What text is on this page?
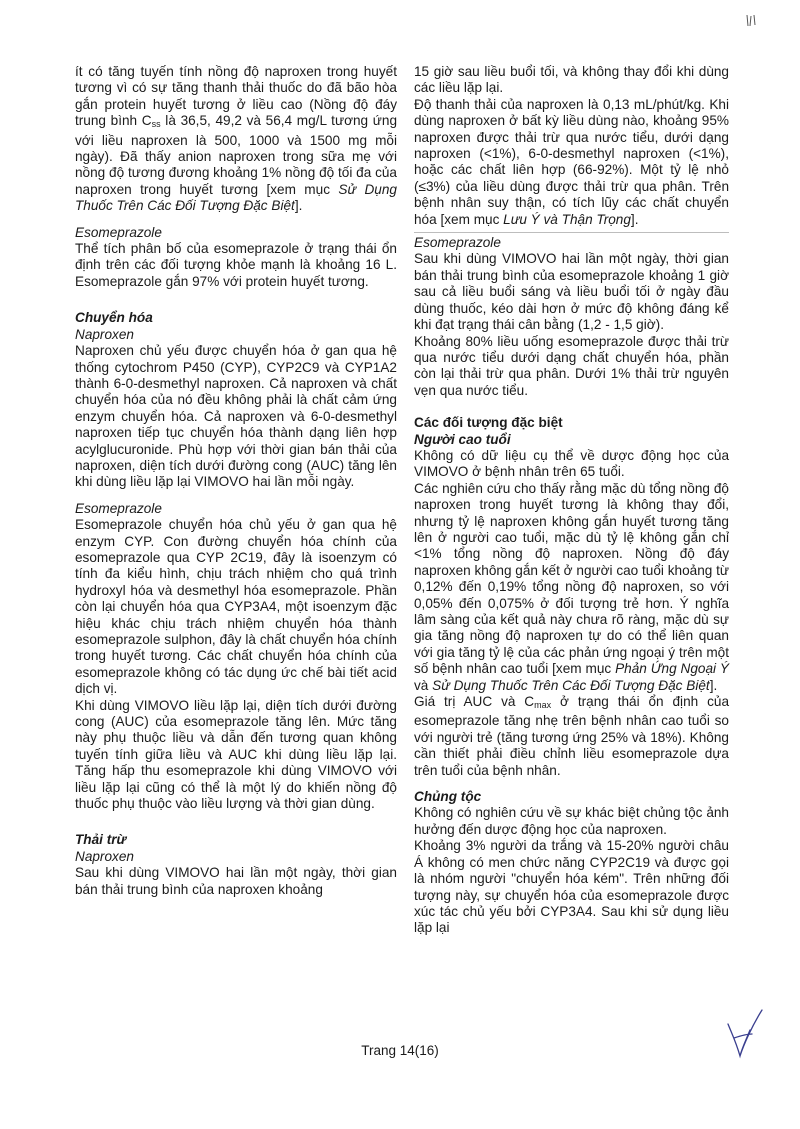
ít có tăng tuyến tính nồng độ naproxen trong huyết tương vì có sự tăng thanh thải thuốc do đã bão hòa gắn protein huyết tương ở liều cao (Nồng độ đáy trung bình $C_{ss}$ là 36,5, 49,2 và 56,4 mg/L tương ứng với liều naproxen là 500, 1000 và 1500 mg mỗi ngày). Đã thấy anion naproxen trong sữa mẹ với nồng độ tương đương khoảng 1% nồng độ tối đa của naproxen trong huyết tương [xem mục Sử Dụng Thuốc Trên Các Đối Tượng Đặc Biệt].

Esomeprazole

Thể tích phân bố của esomeprazole ở trạng thái ổn định trên các đối tượng khỏe mạnh là khoảng 16 L. Esomeprazole gắn 97% với protein huyết tương.

Chuyển hóa

Naproxen

Naproxen chủ yếu được chuyển hóa ở gan qua hệ thống cytochrom P450 (CYP), CYP2C9 và CYP1A2 thành 6-0-desmethyl naproxen. Cả naproxen và chất chuyển hóa của nó đều không phải là chất cảm ứng enzym chuyển hóa. Cả naproxen và 6-0-desmethyl naproxen tiếp tục chuyển hóa thành dạng liên hợp acylglucuronide. Phù hợp với thời gian bán thải của naproxen, diện tích dưới đường cong (AUC) tăng lên khi dùng liều lặp lại VIMOVO hai lần mỗi ngày.

Esomeprazole

Esomeprazole chuyển hóa chủ yếu ở gan qua hệ enzym CYP. Con đường chuyển hóa chính của esomeprazole qua CYP 2C19, đây là isoenzym có tính đa kiểu hình, chịu trách nhiệm cho quá trình hydroxyl hóa và desmethyl hóa esomeprazole. Phần còn lại chuyển hóa qua CYP3A4, một isoenzym đặc hiệu khác chịu trách nhiệm chuyển hóa thành esomeprazole sulphon, đây là chất chuyển hóa chính trong huyết tương. Các chất chuyển hóa chính của esomeprazole không có tác dụng ức chế bài tiết acid dịch vị.

Khi dùng VIMOVO liều lặp lại, diện tích dưới đường cong (AUC) của esomeprazole tăng lên. Mức tăng này phụ thuộc liều và dẫn đến tương quan không tuyến tính giữa liều và AUC khi dùng liều lặp lại. Tăng hấp thu esomeprazole khi dùng VIMOVO với liều lặp lại cũng có thể là một lý do khiến nồng độ thuốc phụ thuộc vào liều lượng và thời gian dùng.

Thải trừ

Naproxen

Sau khi dùng VIMOVO hai lần một ngày, thời gian bán thải trung bình của naproxen khoảng

15 giờ sau liều buổi tối, và không thay đổi khi dùng các liều lặp lại.

Độ thanh thải của naproxen là 0,13 mL/phút/kg. Khi dùng naproxen ở bất kỳ liều dùng nào, khoảng 95% naproxen được thải trừ qua nước tiểu, dưới dạng naproxen (<1%), 6-0-desmethyl naproxen (<1%), hoặc các chất liên hợp (66-92%). Một tỷ lệ nhỏ (≤3%) của liều dùng được thải trừ qua phân. Trên bệnh nhân suy thận, có tích lũy các chất chuyển hóa [xem mục Lưu Ý và Thận Trọng].

Esomeprazole

Sau khi dùng VIMOVO hai lần một ngày, thời gian bán thải trung bình của esomeprazole khoảng 1 giờ sau cả liều buổi sáng và liều buổi tối ở ngày đầu dùng thuốc, kéo dài hơn ở mức độ không đáng kể khi đạt trạng thái cân bằng (1,2 - 1,5 giờ).

Khoảng 80% liều uống esomeprazole được thải trừ qua nước tiểu dưới dạng chất chuyển hóa, phần còn lại thải trừ qua phân. Dưới 1% thải trừ nguyên vẹn qua nước tiểu.

Các đối tượng đặc biệt

Người cao tuổi

Không có dữ liệu cụ thể về dược động học của VIMOVO ở bệnh nhân trên 65 tuổi.

Các nghiên cứu cho thấy rằng mặc dù tổng nồng độ naproxen trong huyết tương là không thay đổi, nhưng tỷ lệ naproxen không gắn huyết tương tăng lên ở người cao tuổi, mặc dù tỷ lệ không gắn chỉ <1% tổng nồng độ naproxen. Nồng độ đáy naproxen không gắn kết ở người cao tuổi khoảng từ 0,12% đến 0,19% tổng nồng độ naproxen, so với 0,05% đến 0,075% ở đối tượng trẻ hơn. Ý nghĩa lâm sàng của kết quả này chưa rõ ràng, mặc dù sự gia tăng nồng độ naproxen tự do có thể liên quan với gia tăng tỷ lệ của các phản ứng ngoại ý trên một số bệnh nhân cao tuổi [xem mục Phản Ứng Ngoại Ý và Sử Dụng Thuốc Trên Các Đối Tượng Đặc Biệt].

Giá trị AUC và $C_{max}$ ở trạng thái ổn định của esomeprazole tăng nhẹ trên bệnh nhân cao tuổi so với người trẻ (tăng tương ứng 25% và 18%). Không cần thiết phải điều chỉnh liều esomeprazole dựa trên tuổi của bệnh nhân.

Chủng tộc

Không có nghiên cứu về sự khác biệt chủng tộc ảnh hưởng đến dược động học của naproxen.

Khoảng 3% người da trắng và 15-20% người châu Á không có men chức năng CYP2C19 và được gọi là nhóm người "chuyển hóa kém". Trên những đối tượng này, sự chuyển hóa của esomeprazole được xúc tác chủ yếu bởi CYP3A4. Sau khi sử dụng liều lặp lại

Trang 14(16)
